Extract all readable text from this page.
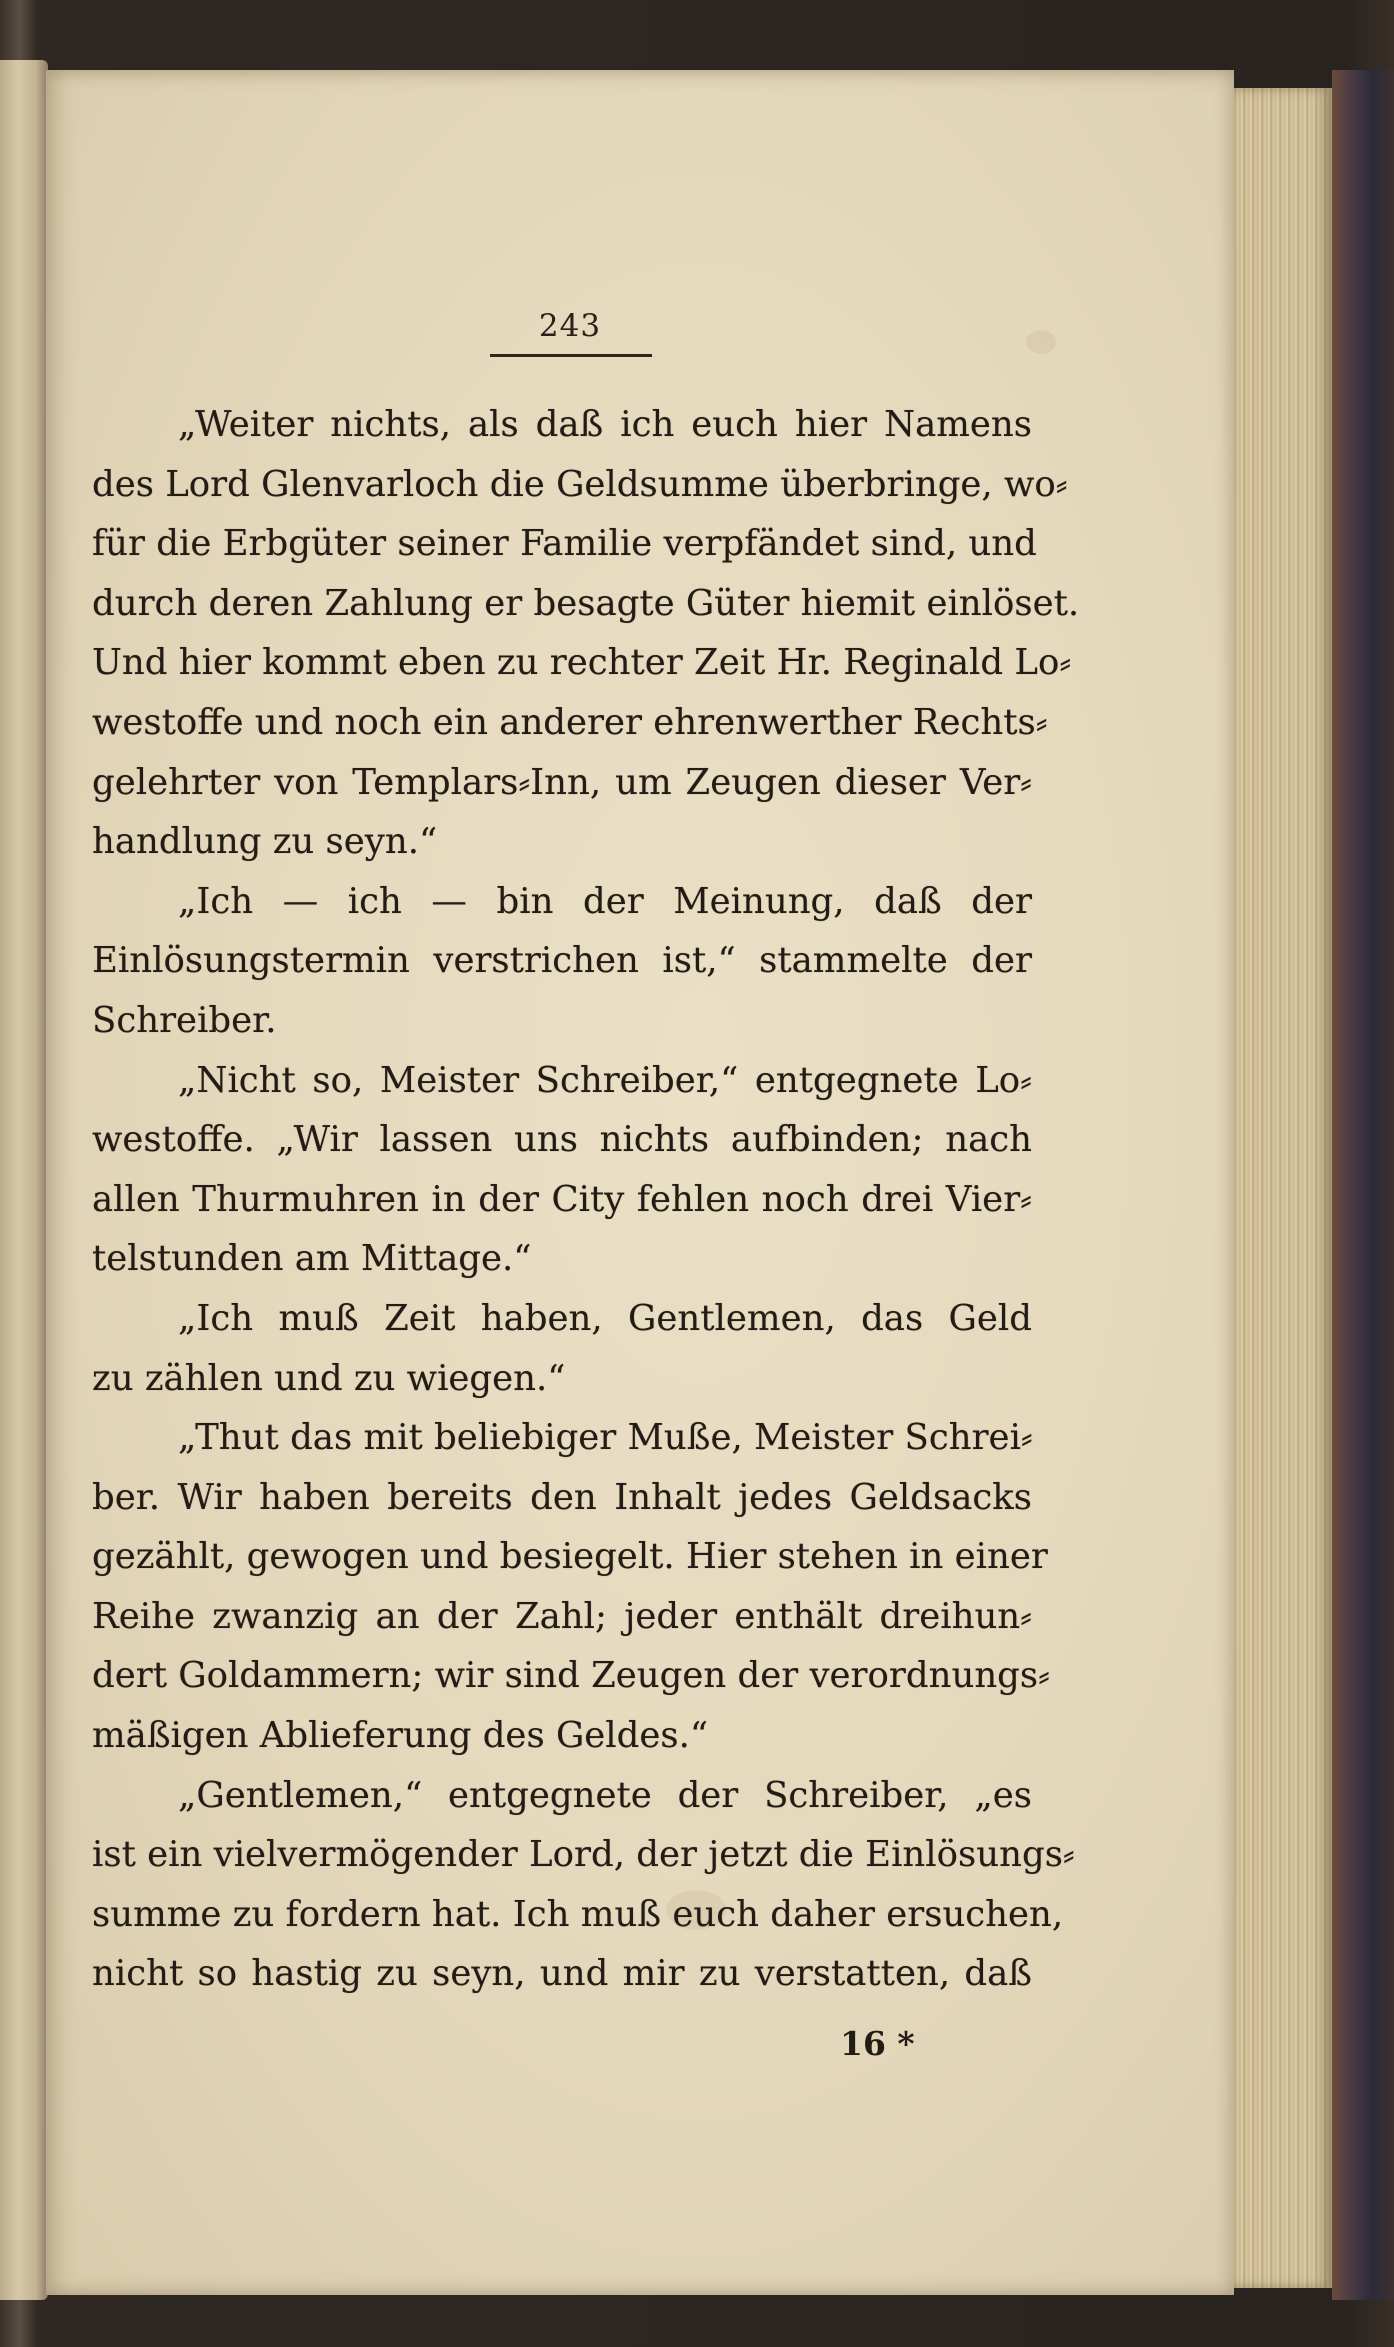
243
„Weiter nichts, als daß ich euch hier Namens
des Lord Glenvarloch die Geldsumme überbringe, wo⸗
für die Erbgüter seiner Familie verpfändet sind, und
durch deren Zahlung er besagte Güter hiemit einlöset.
Und hier kommt eben zu rechter Zeit Hr. Reginald Lo⸗
westoffe und noch ein anderer ehrenwerther Rechts⸗
gelehrter von Templars⸗Inn, um Zeugen dieser Ver⸗
handlung zu seyn.“
„Ich — ich — bin der Meinung, daß der
Einlösungstermin verstrichen ist,“ stammelte der
Schreiber.
„Nicht so, Meister Schreiber,“ entgegnete Lo⸗
westoffe. „Wir lassen uns nichts aufbinden; nach
allen Thurmuhren in der City fehlen noch drei Vier⸗
telstunden am Mittage.“
„Ich muß Zeit haben, Gentlemen, das Geld
zu zählen und zu wiegen.“
„Thut das mit beliebiger Muße, Meister Schrei⸗
ber. Wir haben bereits den Inhalt jedes Geldsacks
gezählt, gewogen und besiegelt. Hier stehen in einer
Reihe zwanzig an der Zahl; jeder enthält dreihun⸗
dert Goldammern; wir sind Zeugen der verordnungs⸗
mäßigen Ablieferung des Geldes.“
„Gentlemen,“ entgegnete der Schreiber, „es
ist ein vielvermögender Lord, der jetzt die Einlösungs⸗
summe zu fordern hat. Ich muß euch daher ersuchen,
nicht so hastig zu seyn, und mir zu verstatten, daß
16 *
